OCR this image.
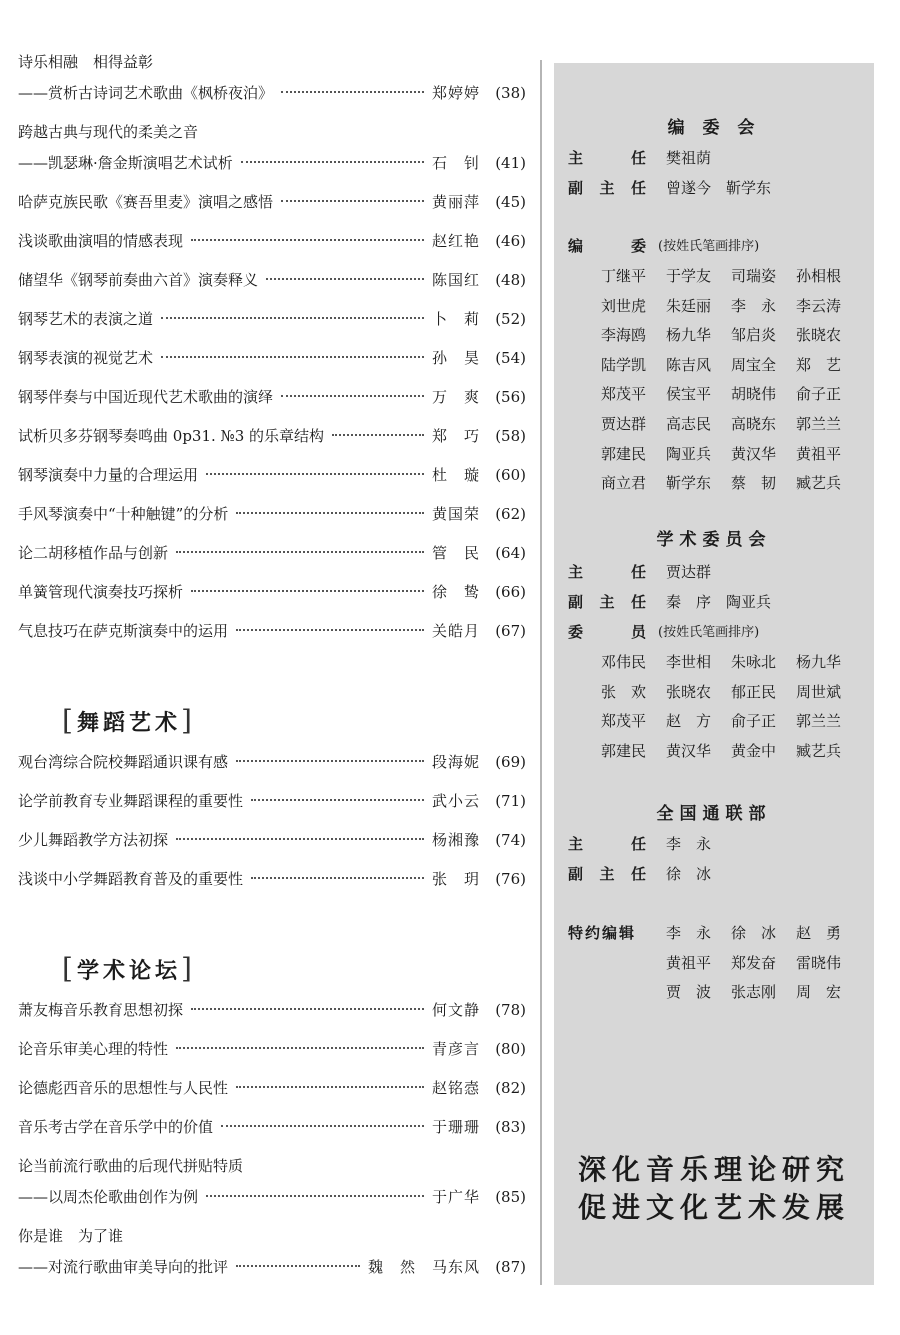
诗乐相融　相得益彰
——赏析古诗词艺术歌曲《枫桥夜泊》	郑婷婷	(38)
跨越古典与现代的柔美之音
——凯瑟琳·詹金斯演唱艺术试析	石　钊	(41)
哈萨克族民歌《赛吾里麦》演唱之感悟	黄丽萍	(45)
浅谈歌曲演唱的情感表现	赵红艳	(46)
储望华《钢琴前奏曲六首》演奏释义	陈国红	(48)
钢琴艺术的表演之道	卜　莉	(52)
钢琴表演的视觉艺术	孙　昊	(54)
钢琴伴奏与中国近现代艺术歌曲的演绎	万　爽	(56)
试析贝多芬钢琴奏鸣曲 0p31. №3 的乐章结构	郑　巧	(58)
钢琴演奏中力量的合理运用	杜　璇	(60)
手风琴演奏中“十种触键”的分析	黄国荣	(62)
论二胡移植作品与创新	管　民	(64)
单簧管现代演奏技巧探析	徐　鸷	(66)
气息技巧在萨克斯演奏中的运用	关皓月	(67)
[舞蹈艺术]
观台湾综合院校舞蹈通识课有感	段海妮	(69)
论学前教育专业舞蹈课程的重要性	武小云	(71)
少儿舞蹈教学方法初探	杨湘豫	(74)
浅谈中小学舞蹈教育普及的重要性	张　玥	(76)
[学术论坛]
萧友梅音乐教育思想初探	何文静	(78)
论音乐审美心理的特性	青彦言	(80)
论德彪西音乐的思想性与人民性	赵铭悫	(82)
音乐考古学在音乐学中的价值	于珊珊	(83)
论当前流行歌曲的后现代拼贴特质
——以周杰伦歌曲创作为例	于广华	(85)
你是谁　为了谁
——对流行歌曲审美导向的批评	魏　然　马东风	(87)
编 委 会
主	任 樊祖荫
副 主 任 曾遂今　靳学东
编	委 (按姓氏笔画排序)
丁继平	于学友	司瑞姿	孙相根
刘世虎	朱廷丽	李　永	李云涛
李海鸥	杨九华	邹启炎	张晓农
陆学凯	陈吉风	周宝全	郑　艺
郑茂平	侯宝平	胡晓伟	俞子正
贾达群	高志民	高晓东	郭兰兰
郭建民	陶亚兵	黄汉华	黄祖平
商立君	靳学东	蔡　韧	臧艺兵
学术委员会
主	任 贾达群
副 主 任 秦　序　陶亚兵
委	员 (按姓氏笔画排序)
邓伟民	李世相	朱咏北	杨九华
张　欢	张晓农	郁正民	周世斌
郑茂平	赵　方	俞子正	郭兰兰
郭建民	黄汉华	黄金中	臧艺兵
全国通联部
主	任 李　永
副 主 任 徐　冰
特约编辑	李　永	徐　冰	赵　勇
黄祖平	郑发奋	雷晓伟
贾　波	张志刚	周　宏
深化音乐理论研究
促进文化艺术发展
